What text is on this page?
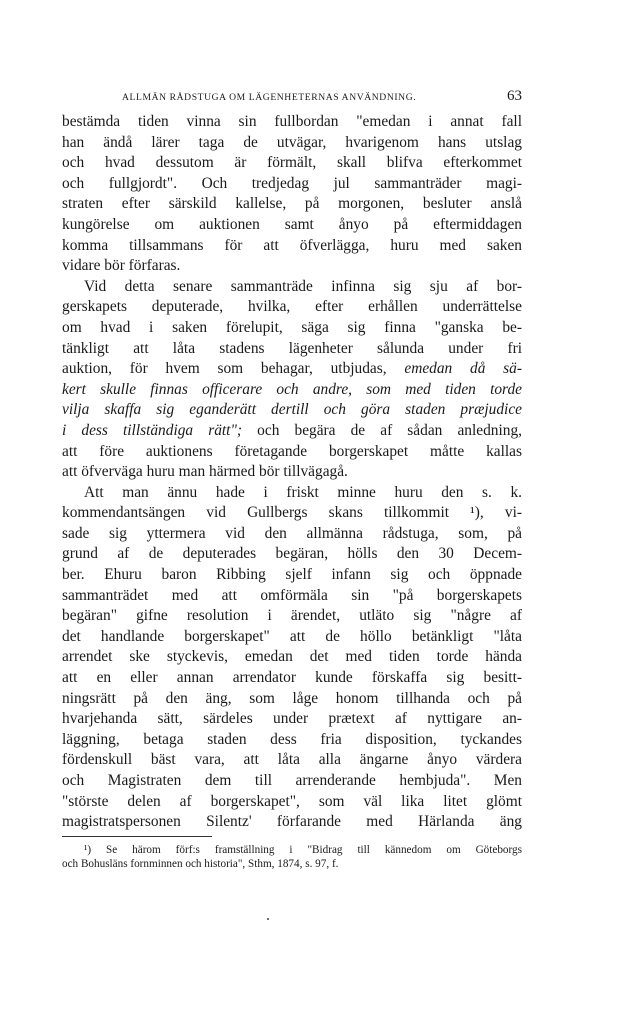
ALLMÄN RÅDSTUGA OM LÄGENHETERNAS ANVÄNDNING.	63
bestämda tiden vinna sin fullbordan "emedan i annat fall
han ändå lärer taga de utvägar, hvarigenom hans utslag
och hvad dessutom är förmält, skall blifva efterkommet
och fullgjordt". Och tredjedag jul sammanträder magi-
straten efter särskild kallelse, på morgonen, besluter anslå
kungörelse om auktionen samt ånyo på eftermiddagen
komma tillsammans för att öfverlägga, huru med saken
vidare bör förfaras.
Vid detta senare sammanträde infinna sig sju af bor-
gerskapets deputerade, hvilka, efter erhållen underrättelse
om hvad i saken förelupit, säga sig finna "ganska be-
tänkligt att låta stadens lägenheter sålunda under fri
auktion, för hvem som behagar, utbjudas, emedan då sä-
kert skulle finnas officerare och andre, som med tiden torde
vilja skaffa sig eganderätt dertill och göra staden præjudice
i dess tillständiga rätt"; och begära de af sådan anledning,
att före auktionens företagande borgerskapet måtte kallas
att öfverväga huru man härmed bör tillvägagå.
Att man ännu hade i friskt minne huru den s. k.
kommendantsängen vid Gullbergs skans tillkommit ¹), vi-
sade sig yttermera vid den allmänna rådstuga, som, på
grund af de deputerades begäran, hölls den 30 Decem-
ber. Ehuru baron Ribbing sjelf infann sig och öppnade
sammanträdet med att omförmäla sin "på borgerskapets
begäran" gifne resolution i ärendet, utläto sig "någre af
det handlande borgerskapet" att de höllo betänkligt "låta
arrendet ske styckevis, emedan det med tiden torde hända
att en eller annan arrendator kunde förskaffa sig besitt-
ningsrätt på den äng, som låge honom tillhanda och på
hvarjehanda sätt, särdeles under prætext af nyttigare an-
läggning, betaga staden dess fria disposition, tyckandes
fördenskull bäst vara, att låta alla ängarne ånyo värdera
och Magistraten dem till arrenderande hembjuda". Men
"störste delen af borgerskapet", som väl lika litet glömt
magistratspersonen Silentz' förfarande med Härlanda äng
¹) Se härom förf:s framställning i "Bidrag till kännedom om Göteborgs
och Bohusläns fornminnen och historia", Sthm, 1874, s. 97, f.
